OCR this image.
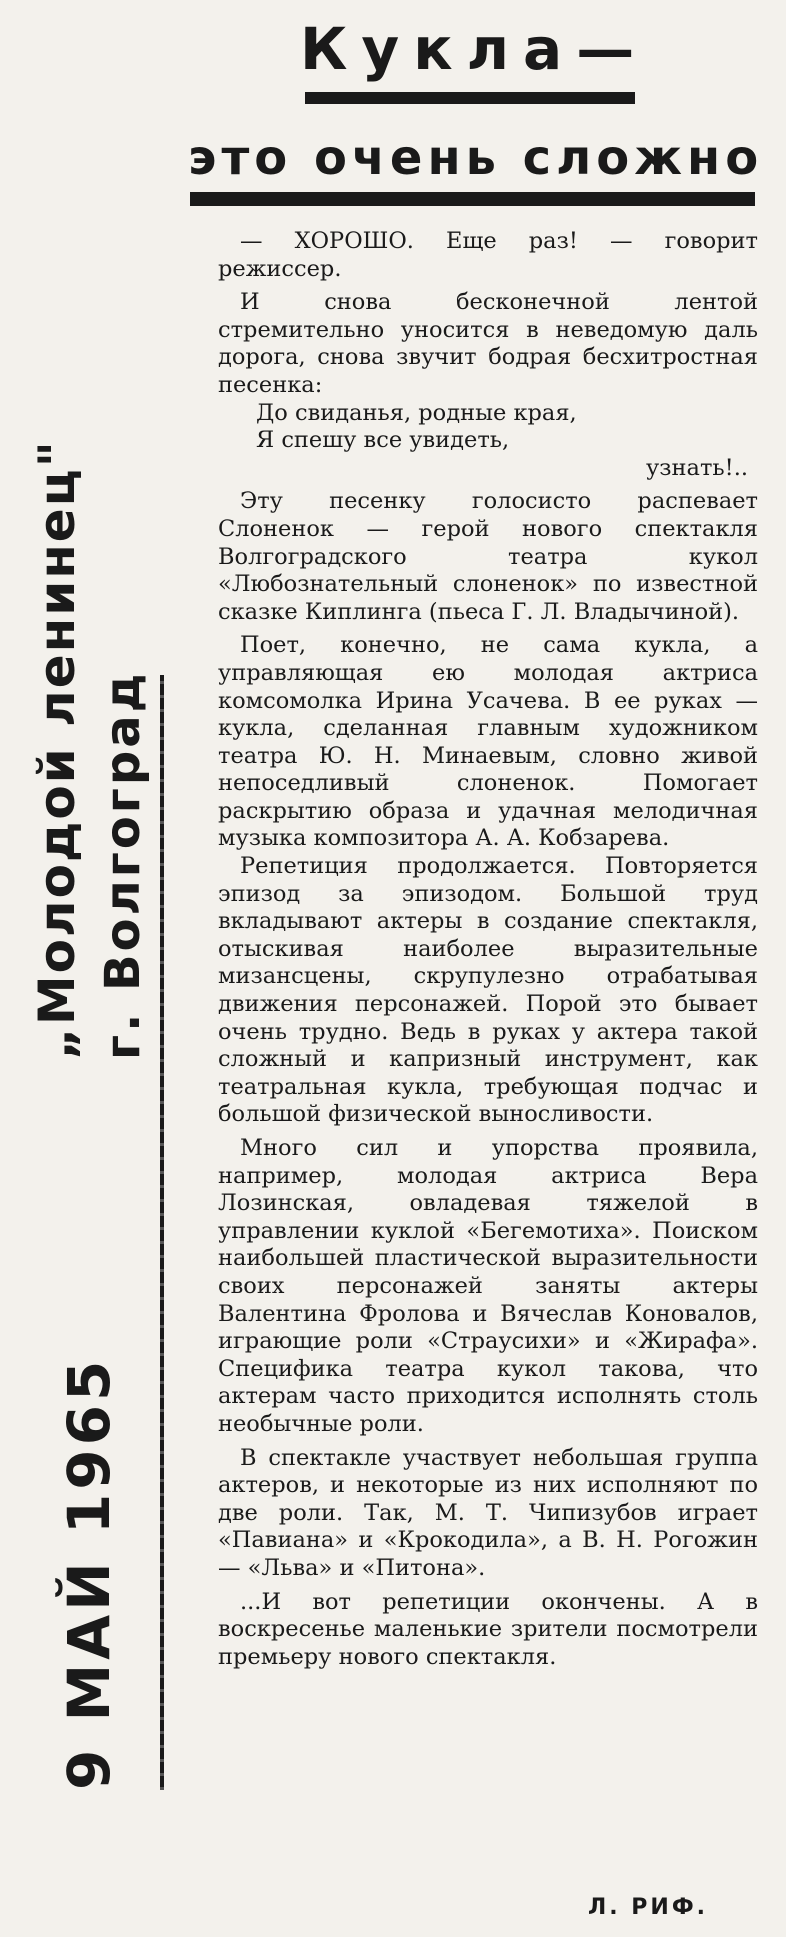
Кукла—
это очень сложно
„Молодой ленинец" г. Волгоград
9 МАЙ 1965

— ХОРОШО. Еще раз! — говорит режиссер.

И снова бесконечной лентой стремительно уносится в неведомую даль дорога, снова звучит бодрая бесхитростная песенка:

До свиданья, родные края,
Я спешу все увидеть,
узнать!..

Эту песенку голосисто распевает Слоненок — герой нового спектакля Волгоградского театра кукол «Любознательный слоненок» по известной сказке Киплинга (пьеса Г. Л. Владычиной).

Поет, конечно, не сама кукла, а управляющая ею молодая актриса комсомолка Ирина Усачева. В ее руках — кукла, сделанная главным художником театра Ю. Н. Минаевым, словно живой непоседливый слоненок. Помогает раскрытию образа и удачная мелодичная музыка композитора А. А. Кобзарева.

Репетиция продолжается. Повторяется эпизод за эпизодом. Большой труд вкладывают актеры в создание спектакля, отыскивая наиболее выразительные мизансцены, скрупулезно отрабатывая движения персонажей. Порой это бывает очень трудно. Ведь в руках у актера такой сложный и капризный инструмент, как театральная кукла, требующая подчас и большой физической выносливости.

Много сил и упорства проявила, например, молодая актриса Вера Лозинская, овладевая тяжелой в управлении куклой «Бегемотиха». Поиском наибольшей пластической выразительности своих персонажей заняты актеры Валентина Фролова и Вячеслав Коновалов, играющие роли «Страусихи» и «Жирафа». Специфика театра кукол такова, что актерам часто приходится исполнять столь необычные роли.

В спектакле участвует небольшая группа актеров, и некоторые из них исполняют по две роли. Так, М. Т. Чипизубов играет «Павиана» и «Крокодила», а В. Н. Рогожин — «Льва» и «Питона».

...И вот репетиции окончены. А в воскресенье маленькие зрители посмотрели премьеру нового спектакля.

Л. РИФ.
